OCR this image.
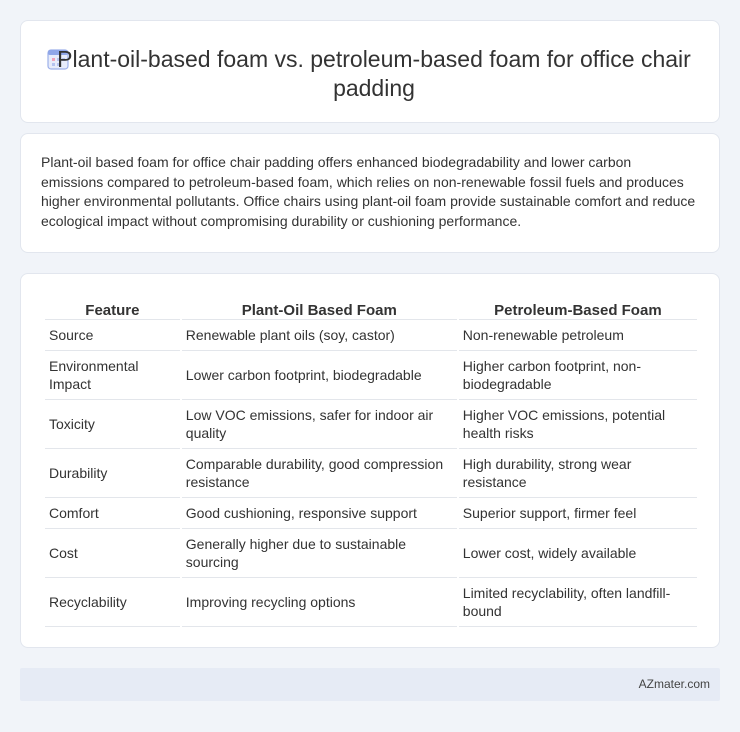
Plant-oil-based foam vs. petroleum-based foam for office chair padding

Plant-oil based foam for office chair padding offers enhanced biodegradability and lower carbon emissions compared to petroleum-based foam, which relies on non-renewable fossil fuels and produces higher environmental pollutants. Office chairs using plant-oil foam provide sustainable comfort and reduce ecological impact without compromising durability or cushioning performance.

Feature	Plant-Oil Based Foam	Petroleum-Based Foam
Source	Renewable plant oils (soy, castor)	Non-renewable petroleum
Environmental Impact	Lower carbon footprint, biodegradable	Higher carbon footprint, non-biodegradable
Toxicity	Low VOC emissions, safer for indoor air quality	Higher VOC emissions, potential health risks
Durability	Comparable durability, good compression resistance	High durability, strong wear resistance
Comfort	Good cushioning, responsive support	Superior support, firmer feel
Cost	Generally higher due to sustainable sourcing	Lower cost, widely available
Recyclability	Improving recycling options	Limited recyclability, often landfill-bound
AZmater.com
